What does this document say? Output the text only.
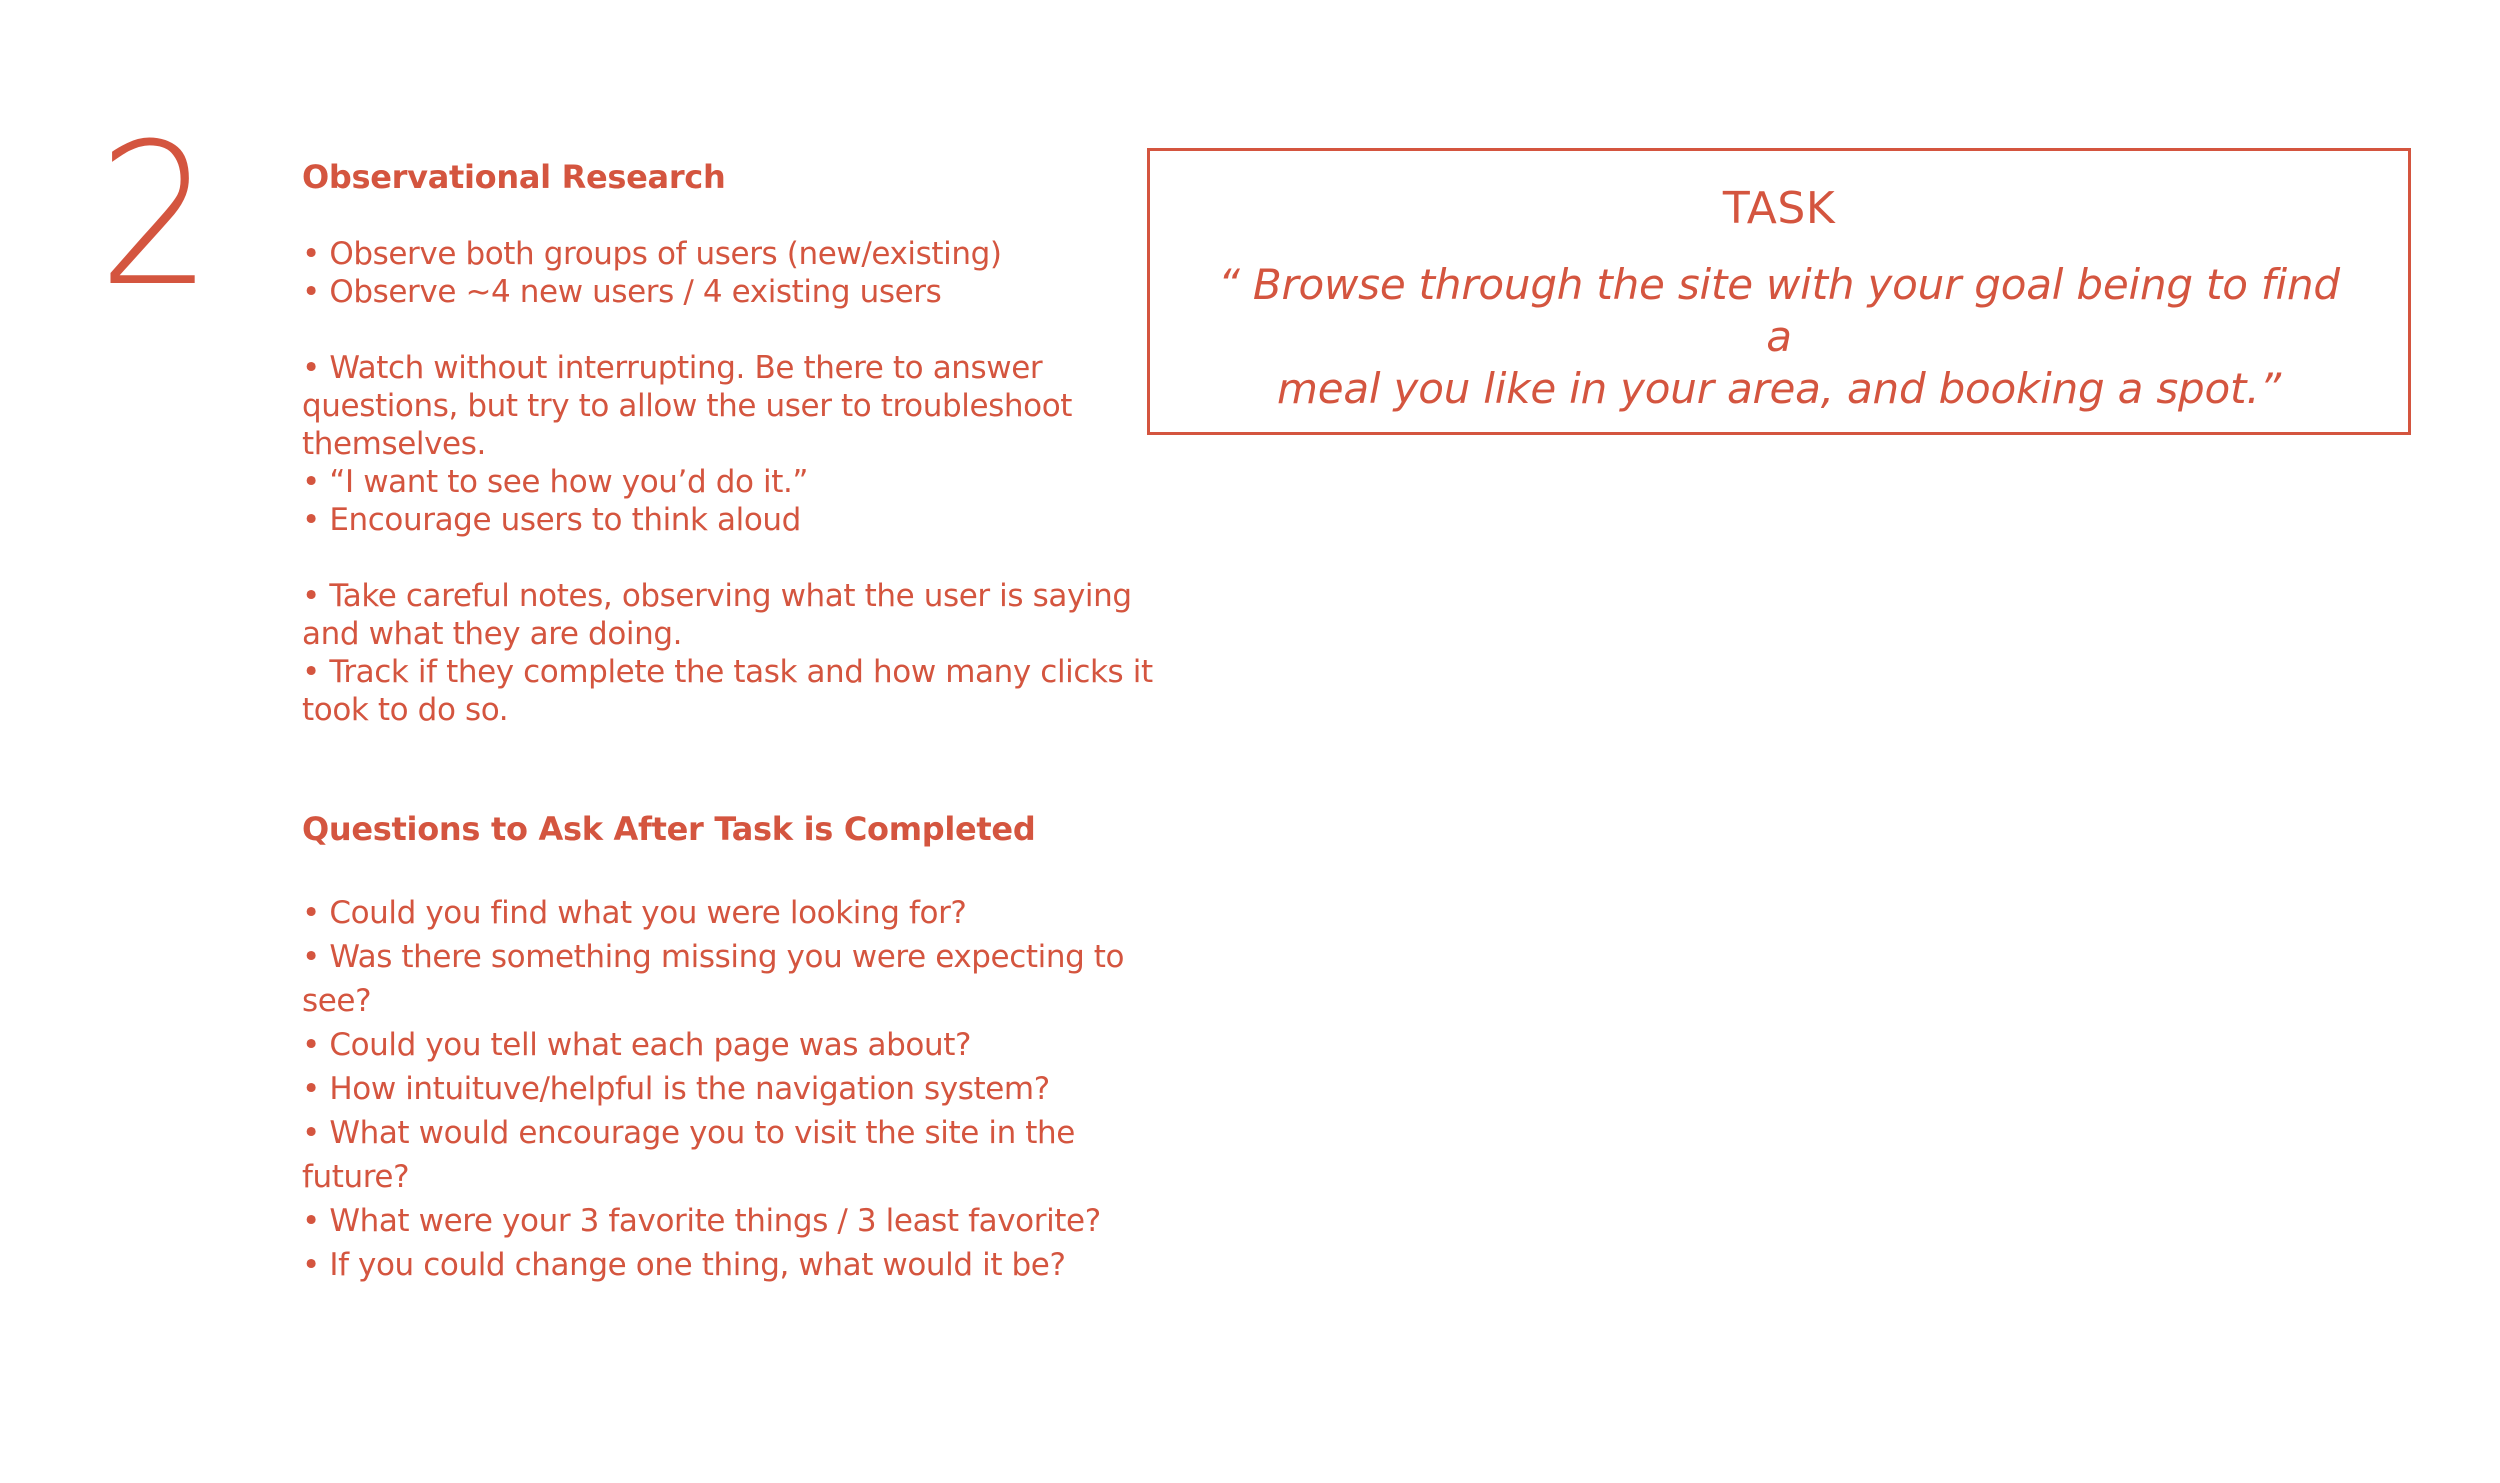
2	Observational Research
• Observe both groups of users (new/existing)
• Observe ~4 new users / 4 existing users
• Watch without interrupting. Be there to answer
questions, but try to allow the user to troubleshoot
themselves.
• “I want to see how you’d do it.”
• Encourage users to think aloud
• Take careful notes, observing what the user is saying
and what they are doing.
• Track if they complete the task and how many clicks it
took to do so.
Questions to Ask After Task is Completed
• Could you find what you were looking for?
• Was there something missing you were expecting to see?
• Could you tell what each page was about?
• How intuituve/helpful is the navigation system?
• What would encourage you to visit the site in the future?
• What were your 3 favorite things / 3 least favorite?
• If you could change one thing, what would it be?
TASK
“ Browse through the site with your goal being to find a
meal you like in your area, and booking a spot.”
